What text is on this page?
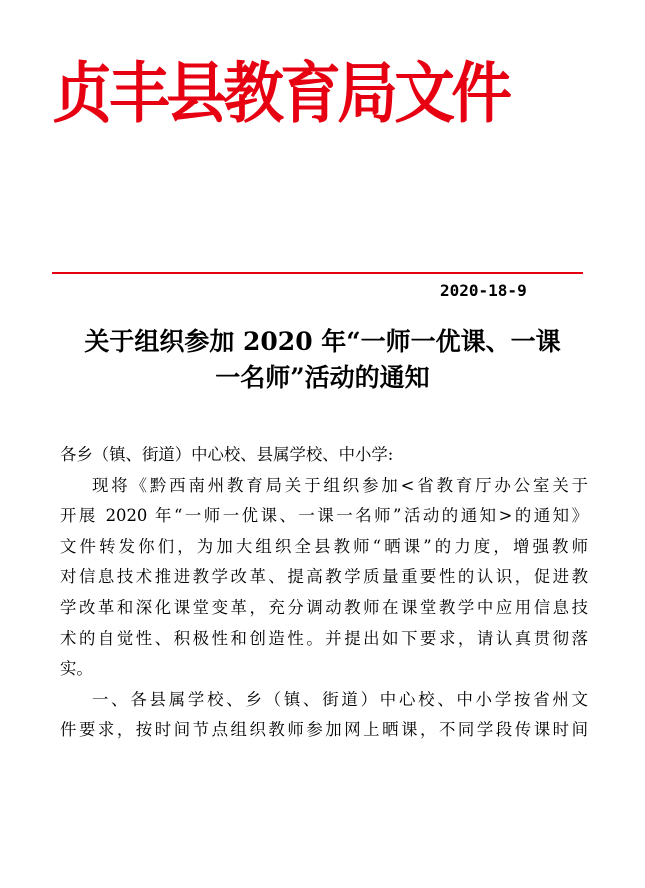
贞丰县教育局文件
2020-18-9
关于组织参加 2020 年“一师一优课、一课
一名师”活动的通知
各乡（镇、街道）中心校、县属学校、中小学:
现将《黔西南州教育局关于组织参加<省教育厅办公室关于
开展 2020 年“一师一优课、一课一名师”活动的通知>的通知》
文件转发你们，为加大组织全县教师“晒课”的力度，增强教师
对信息技术推进教学改革、提高教学质量重要性的认识，促进教
学改革和深化课堂变革，充分调动教师在课堂教学中应用信息技
术的自觉性、积极性和创造性。并提出如下要求，请认真贯彻落
实。
一、各县属学校、乡（镇、街道）中心校、中小学按省州文
件要求，按时间节点组织教师参加网上晒课，不同学段传课时间
